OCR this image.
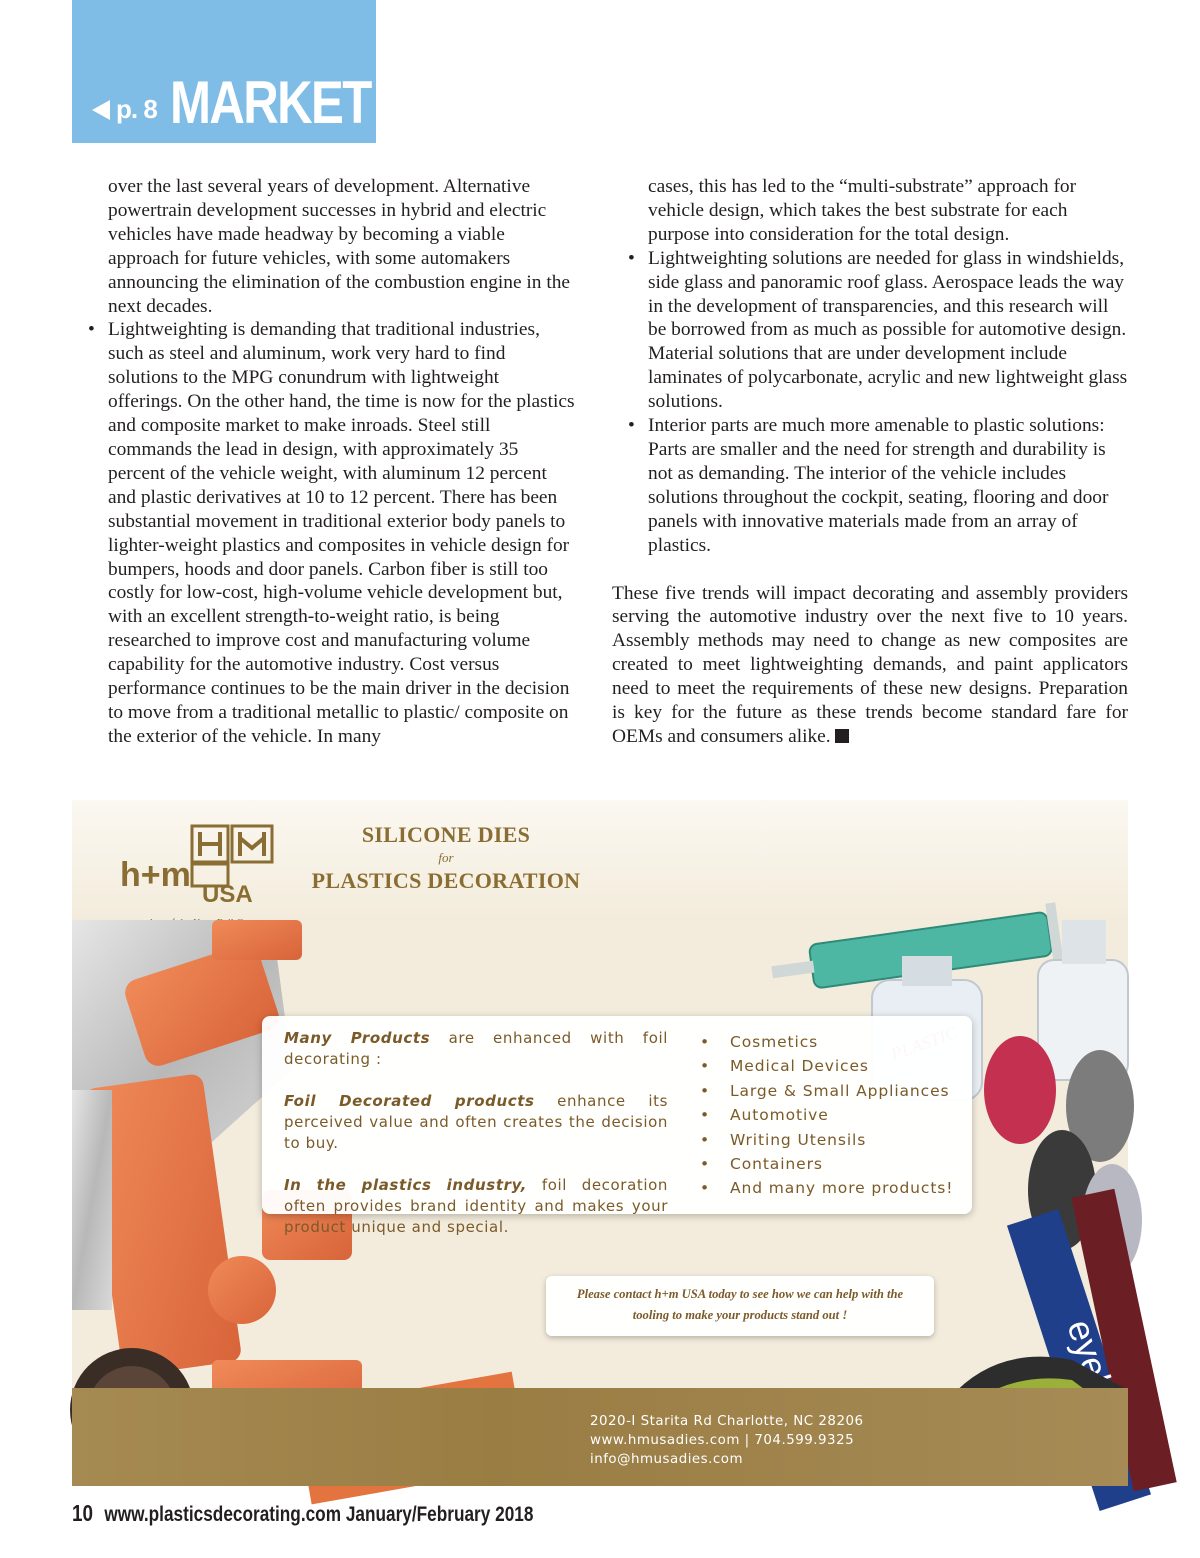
p. 8 MARKET

over the last several years of development. Alternative powertrain development successes in hybrid and electric vehicles have made headway by becoming a viable approach for future vehicles, with some automakers announcing the elimination of the combustion engine in the next decades.

• Lightweighting is demanding that traditional industries, such as steel and aluminum, work very hard to find solutions to the MPG conundrum with lightweight offerings. On the other hand, the time is now for the plastics and composite market to make inroads. Steel still commands the lead in design, with approximately 35 percent of the vehicle weight, with aluminum 12 percent and plastic derivatives at 10 to 12 percent. There has been substantial movement in traditional exterior body panels to lighter-weight plastics and composites in vehicle design for bumpers, hoods and door panels. Carbon fiber is still too costly for low-cost, high-volume vehicle development but, with an excellent strength-to-weight ratio, is being researched to improve cost and manufacturing volume capability for the automotive industry. Cost versus performance continues to be the main driver in the decision to move from a traditional metallic to plastic/ composite on the exterior of the vehicle. In many

cases, this has led to the “multi-substrate” approach for vehicle design, which takes the best substrate for each purpose into consideration for the total design.

• Lightweighting solutions are needed for glass in windshields, side glass and panoramic roof glass. Aerospace leads the way in the development of transparencies, and this research will be borrowed from as much as possible for automotive design. Material solutions that are under development include laminates of polycarbonate, acrylic and new lightweight glass solutions.

• Interior parts are much more amenable to plastic solutions: Parts are smaller and the need for strength and durability is not as demanding. The interior of the vehicle includes solutions throughout the cockpit, seating, flooring and door panels with innovative materials made from an array of plastics.

These five trends will impact decorating and assembly providers serving the automotive industry over the next five to 10 years. Assembly methods may need to change as new composites are created to meet lightweighting demands, and paint applicators need to meet the requirements of these new designs. Preparation is key for the future as these trends become standard fare for OEMs and consumers alike.

h+m
USA
SILICONE DIES
for
PLASTICS DECORATION

Many Products are enhanced with foil decorating :

Foil Decorated products enhance its perceived value and often creates the decision to buy.

In the plastics industry, foil decoration often provides brand identity and makes your product unique and special.

• Cosmetics
• Medical Devices
• Large & Small Appliances
• Automotive
• Writing Utensils
• Containers
• And many more products!
Please contact h+m USA today to see how we can help with the
tooling to make your products stand out !
2020-I Starita Rd Charlotte, NC 28206
www.hmusadies.com | 704.599.9325
info@hmusadies.com
10 www.plasticsdecorating.com January/February 2018
